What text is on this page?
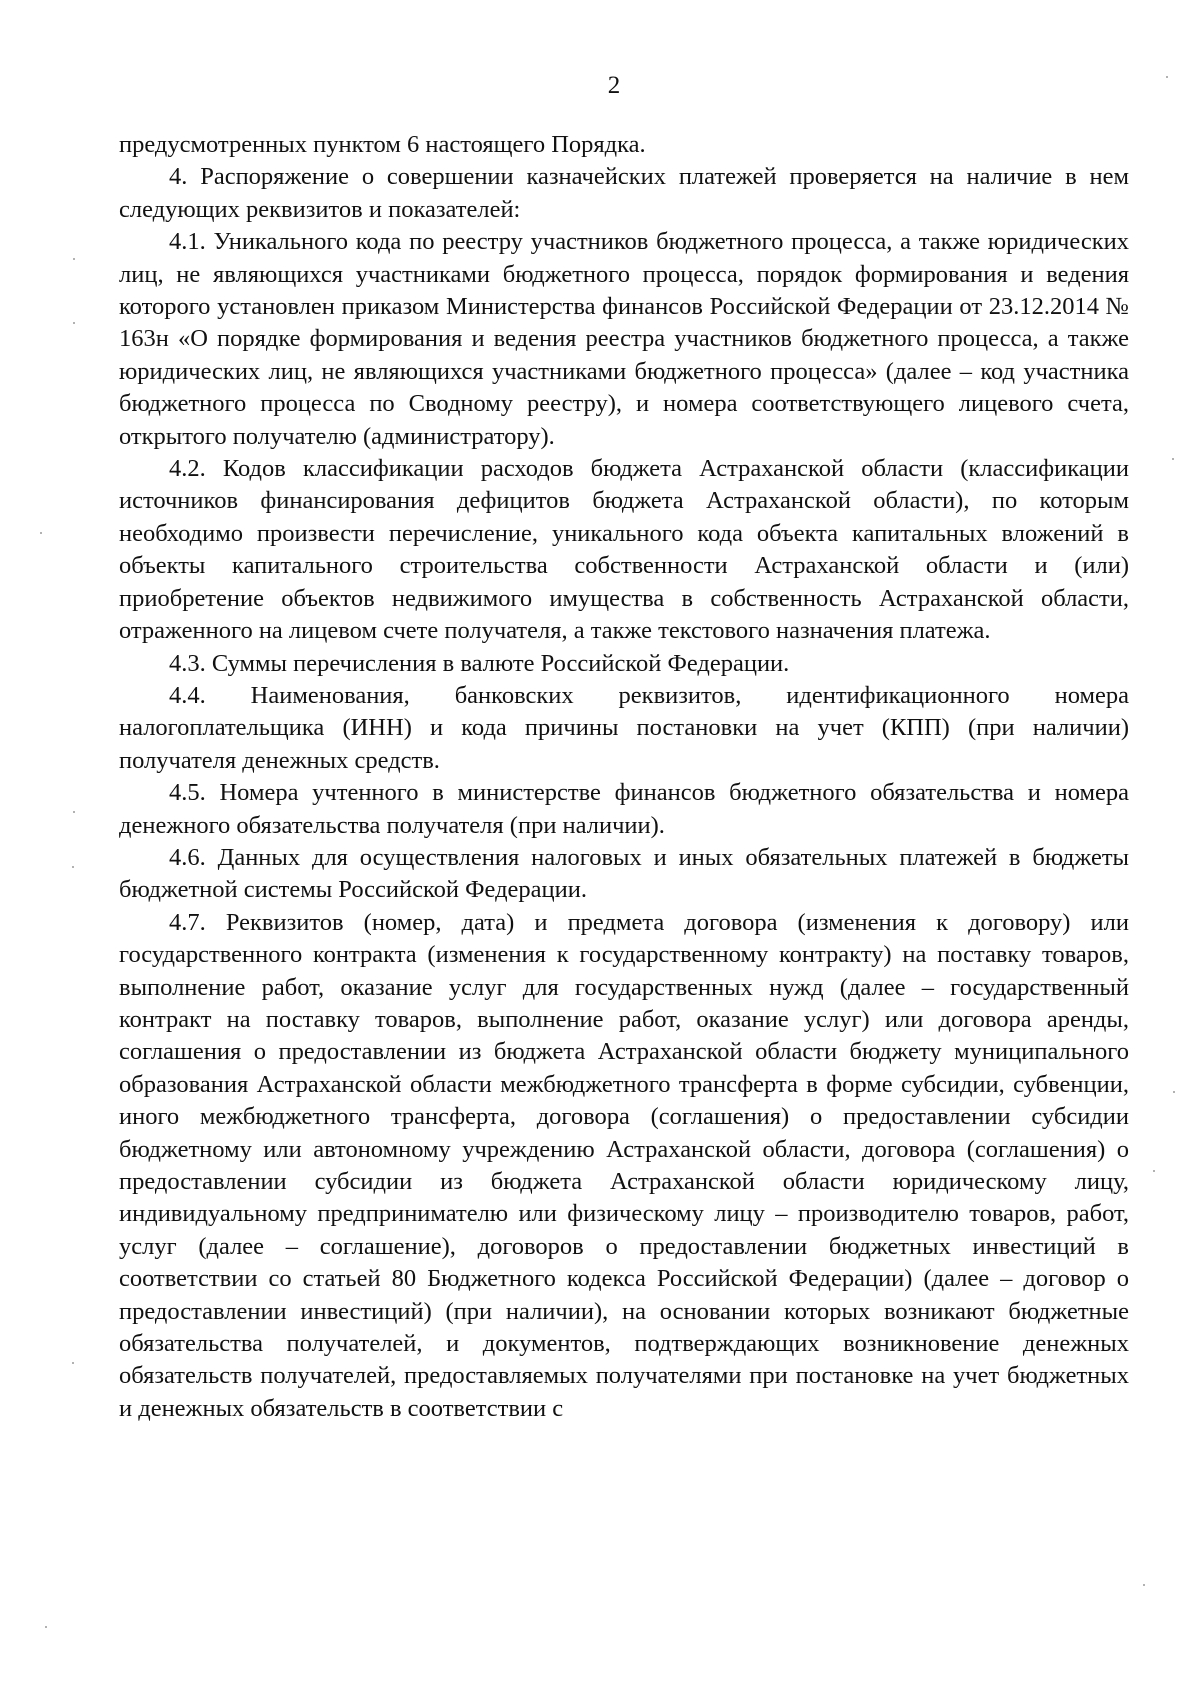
2

предусмотренных пунктом 6 настоящего Порядка.

4. Распоряжение о совершении казначейских платежей проверяется на наличие в нем следующих реквизитов и показателей:

4.1. Уникального кода по реестру участников бюджетного процесса, а также юридических лиц, не являющихся участниками бюджетного процесса, порядок формирования и ведения которого установлен приказом Министерства финансов Российской Федерации от 23.12.2014 № 163н «О порядке формирования и ведения реестра участников бюджетного процесса, а также юридических лиц, не являющихся участниками бюджетного процесса» (далее – код участника бюджетного процесса по Сводному реестру), и номера соответствующего лицевого счета, открытого получателю (администратору).

4.2. Кодов классификации расходов бюджета Астраханской области (классификации источников финансирования дефицитов бюджета Астраханской области), по которым необходимо произвести перечисление, уникального кода объекта капитальных вложений в объекты капитального строительства собственности Астраханской области и (или) приобретение объектов недвижимого имущества в собственность Астраханской области, отраженного на лицевом счете получателя, а также текстового назначения платежа.

4.3. Суммы перечисления в валюте Российской Федерации.

4.4. Наименования, банковских реквизитов, идентификационного номера налогоплательщика (ИНН) и кода причины постановки на учет (КПП) (при наличии) получателя денежных средств.

4.5. Номера учтенного в министерстве финансов бюджетного обязательства и номера денежного обязательства получателя (при наличии).

4.6. Данных для осуществления налоговых и иных обязательных платежей в бюджеты бюджетной системы Российской Федерации.

4.7. Реквизитов (номер, дата) и предмета договора (изменения к договору) или государственного контракта (изменения к государственному контракту) на поставку товаров, выполнение работ, оказание услуг для государственных нужд (далее – государственный контракт на поставку товаров, выполнение работ, оказание услуг) или договора аренды, соглашения о предоставлении из бюджета Астраханской области бюджету муниципального образования Астраханской области межбюджетного трансферта в форме субсидии, субвенции, иного межбюджетного трансферта, договора (соглашения) о предоставлении субсидии бюджетному или автономному учреждению Астраханской области, договора (соглашения) о предоставлении субсидии из бюджета Астраханской области юридическому лицу, индивидуальному предпринимателю или физическому лицу – производителю товаров, работ, услуг (далее – соглашение), договоров о предоставлении бюджетных инвестиций в соответствии со статьей 80 Бюджетного кодекса Российской Федерации) (далее – договор о предоставлении инвестиций) (при наличии), на основании которых возникают бюджетные обязательства получателей, и документов, подтверждающих возникновение денежных обязательств получателей, предоставляемых получателями при постановке на учет бюджетных и денежных обязательств в соответствии с
